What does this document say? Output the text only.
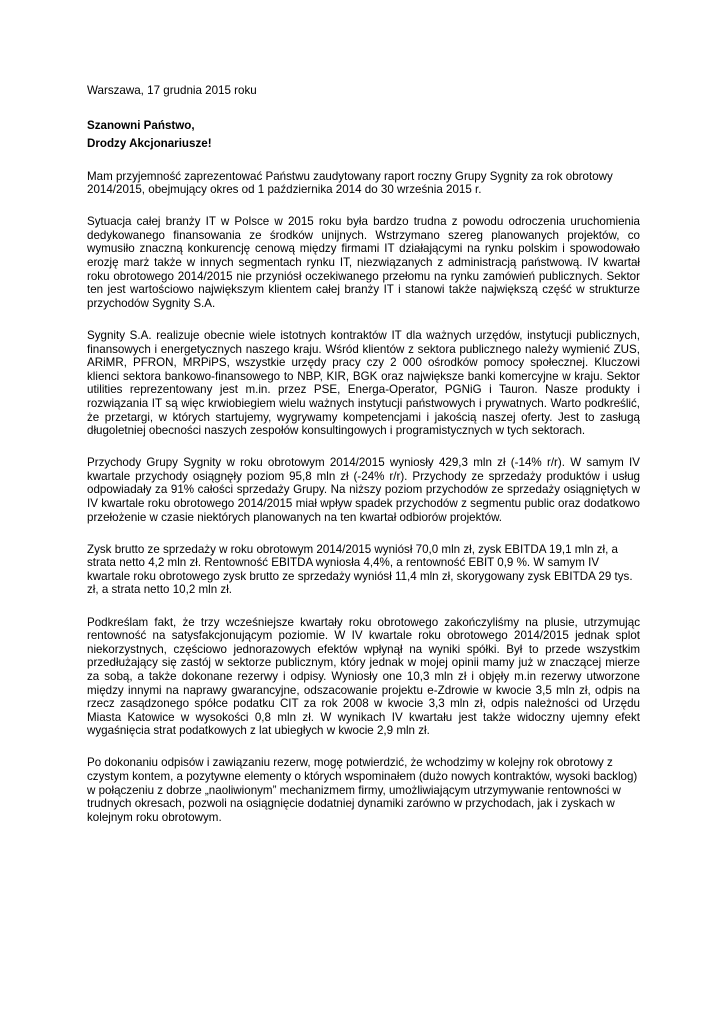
Warszawa, 17 grudnia 2015 roku

Szanowni Państwo,

Drodzy Akcjonariusze!

Mam przyjemność zaprezentować Państwu zaudytowany raport roczny Grupy Sygnity za rok obrotowy 2014/2015, obejmujący okres od 1 października 2014 do 30 września 2015 r.

Sytuacja całej branży IT w Polsce w 2015 roku była bardzo trudna z powodu odroczenia uruchomienia dedykowanego finansowania ze środków unijnych. Wstrzymano szereg planowanych projektów, co wymusiło znaczną konkurencję cenową między firmami IT działającymi na rynku polskim i spowodowało erozję marż także w innych segmentach rynku IT, niezwiązanych z administracją państwową. IV kwartał roku obrotowego 2014/2015 nie przyniósł oczekiwanego przełomu na rynku zamówień publicznych. Sektor ten jest wartościowo największym klientem całej branży IT i stanowi także największą część w strukturze przychodów Sygnity S.A.

Sygnity S.A. realizuje obecnie wiele istotnych kontraktów IT dla ważnych urzędów, instytucji publicznych, finansowych i energetycznych naszego kraju. Wśród klientów z sektora publicznego należy wymienić ZUS, ARiMR, PFRON, MRPiPS, wszystkie urzędy pracy czy 2 000 ośrodków pomocy społecznej. Kluczowi klienci sektora bankowo-finansowego to NBP, KIR, BGK oraz największe banki komercyjne w kraju. Sektor utilities reprezentowany jest m.in. przez PSE, Energa-Operator, PGNiG i Tauron. Nasze produkty i rozwiązania IT są więc krwiobiegiem wielu ważnych instytucji państwowych i prywatnych. Warto podkreślić, że przetargi, w których startujemy, wygrywamy kompetencjami i jakością naszej oferty. Jest to zasługą długoletniej obecności naszych zespołów konsultingowych i programistycznych w tych sektorach.

Przychody Grupy Sygnity w roku obrotowym 2014/2015 wyniosły 429,3 mln zł (-14% r/r). W samym IV kwartale przychody osiągnęły poziom 95,8 mln zł (-24% r/r). Przychody ze sprzedaży produktów i usług odpowiadały za 91% całości sprzedaży Grupy. Na niższy poziom przychodów ze sprzedaży osiągniętych w IV kwartale roku obrotowego 2014/2015 miał wpływ spadek przychodów z segmentu public oraz dodatkowo przełożenie w czasie niektórych planowanych na ten kwartał odbiorów projektów.

Zysk brutto ze sprzedaży w roku obrotowym 2014/2015 wyniósł 70,0 mln zł, zysk EBITDA 19,1 mln zł, a strata netto 4,2 mln zł. Rentowność EBITDA wyniosła 4,4%, a rentowność EBIT 0,9 %. W samym IV kwartale roku obrotowego zysk brutto ze sprzedaży wyniósł 11,4 mln zł, skorygowany zysk EBITDA 29 tys. zł, a strata netto 10,2 mln zł.

Podkreślam fakt, że trzy wcześniejsze kwartały roku obrotowego zakończyliśmy na plusie, utrzymując rentowność na satysfakcjonującym poziomie. W IV kwartale roku obrotowego 2014/2015 jednak splot niekorzystnych, częściowo jednorazowych efektów wpłynął na wyniki spółki. Był to przede wszystkim przedłużający się zastój w sektorze publicznym, który jednak w mojej opinii mamy już w znaczącej mierze za sobą, a także dokonane rezerwy i odpisy. Wyniosły one 10,3 mln zł i objęły m.in rezerwy utworzone między innymi na naprawy gwarancyjne, odszacowanie projektu e-Zdrowie w kwocie 3,5 mln zł, odpis na rzecz zasądzonego spółce podatku CIT za rok 2008 w kwocie 3,3 mln zł, odpis należności od Urzędu Miasta Katowice w wysokości 0,8 mln zł. W wynikach IV kwartału jest także widoczny ujemny efekt wygaśnięcia strat podatkowych z lat ubiegłych w kwocie 2,9 mln zł.

Po dokonaniu odpisów i zawiązaniu rezerw, mogę potwierdzić, że wchodzimy w kolejny rok obrotowy z czystym kontem, a pozytywne elementy o których wspominałem (dużo nowych kontraktów, wysoki backlog) w połączeniu z dobrze „naoliwionym” mechanizmem firmy, umożliwiającym utrzymywanie rentowności w trudnych okresach, pozwoli na osiągnięcie dodatniej dynamiki zarówno w przychodach, jak i zyskach w kolejnym roku obrotowym.
